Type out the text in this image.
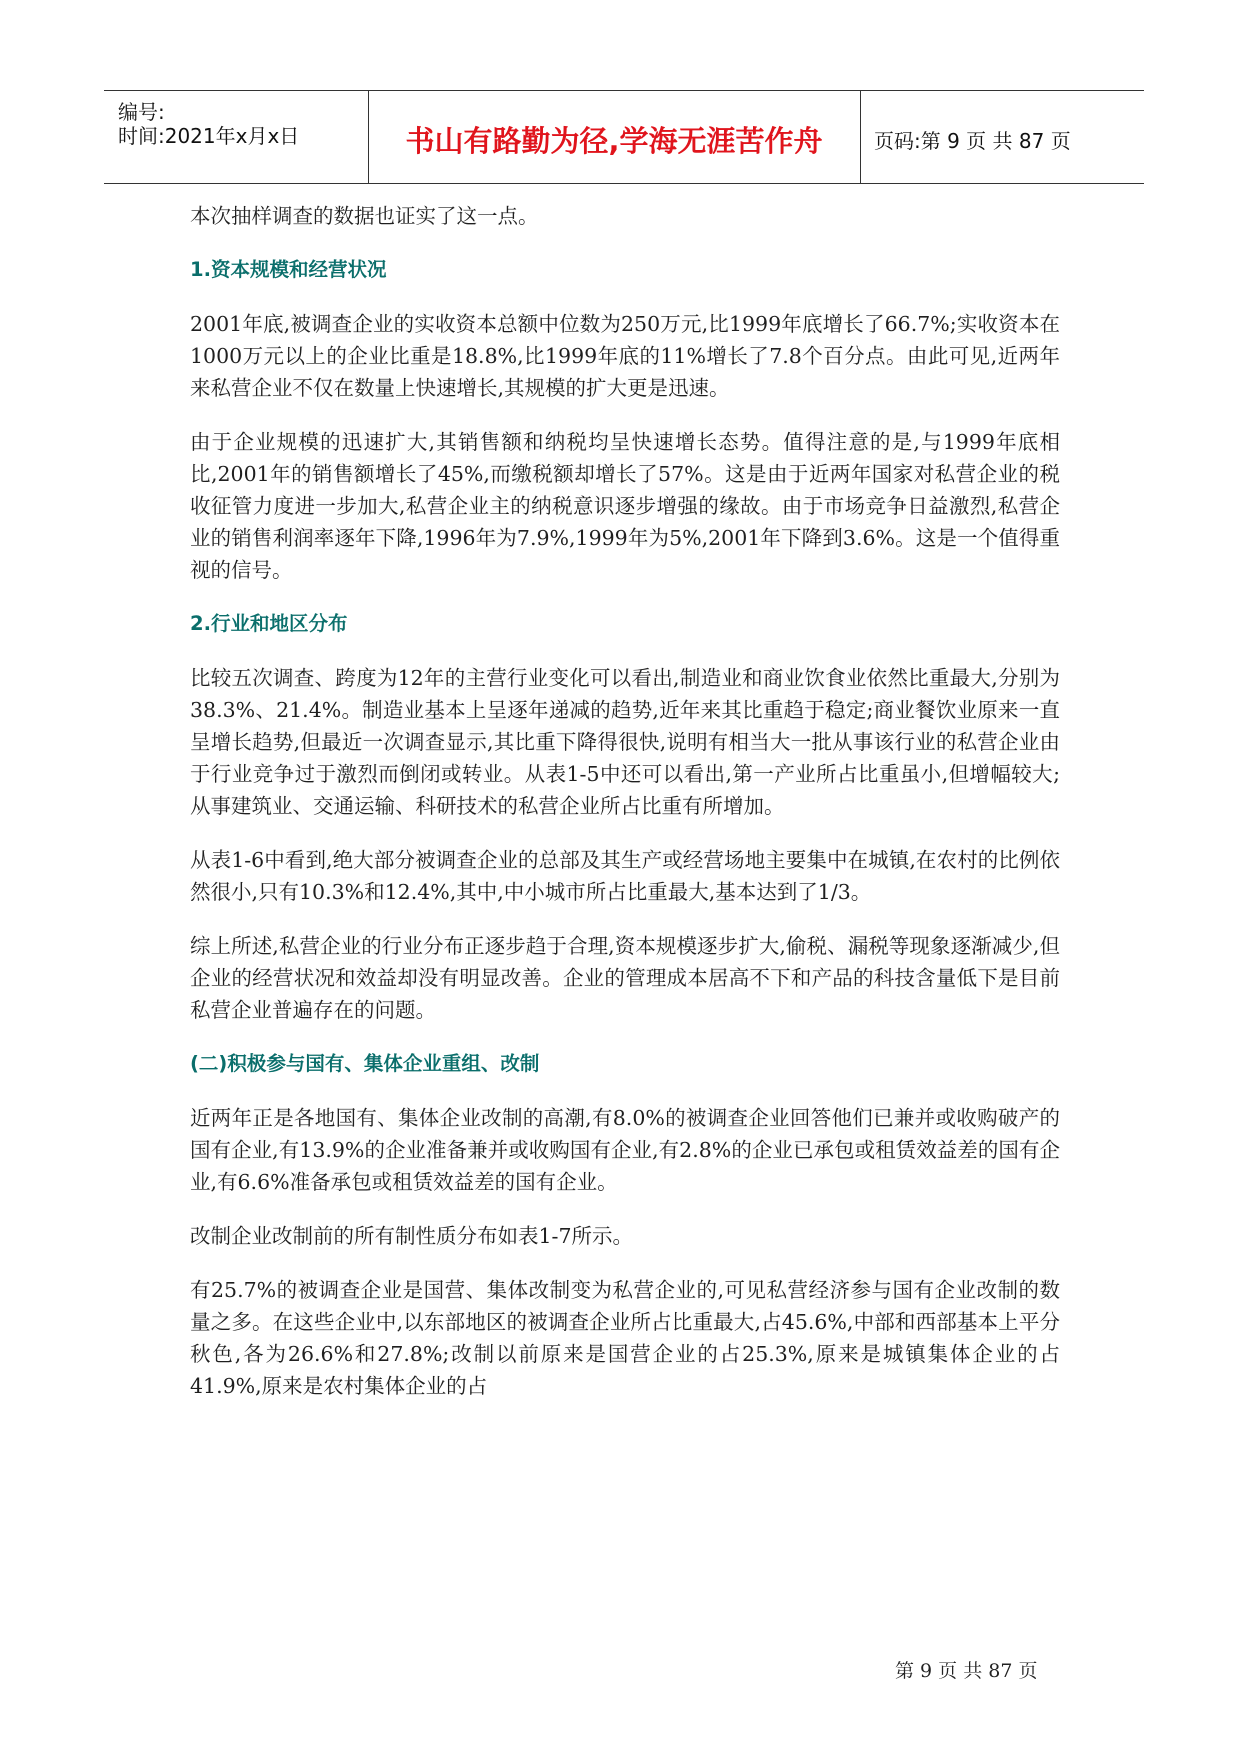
编号:
时间:2021年x月x日	书山有路勤为径,学海无涯苦作舟	页码:第 9 页 共 87 页

本次抽样调查的数据也证实了这一点。

1.资本规模和经营状况

2001年底,被调查企业的实收资本总额中位数为250万元,比1999年底增长了66.7%;实收资本在1000万元以上的企业比重是18.8%,比1999年底的11%增长了7.8个百分点。由此可见,近两年来私营企业不仅在数量上快速增长,其规模的扩大更是迅速。

由于企业规模的迅速扩大,其销售额和纳税均呈快速增长态势。值得注意的是,与1999年底相比,2001年的销售额增长了45%,而缴税额却增长了57%。这是由于近两年国家对私营企业的税收征管力度进一步加大,私营企业主的纳税意识逐步增强的缘故。由于市场竞争日益激烈,私营企业的销售利润率逐年下降,1996年为7.9%,1999年为5%,2001年下降到3.6%。这是一个值得重视的信号。

2.行业和地区分布

比较五次调查、跨度为12年的主营行业变化可以看出,制造业和商业饮食业依然比重最大,分别为38.3%、21.4%。制造业基本上呈逐年递减的趋势,近年来其比重趋于稳定;商业餐饮业原来一直呈增长趋势,但最近一次调查显示,其比重下降得很快,说明有相当大一批从事该行业的私营企业由于行业竞争过于激烈而倒闭或转业。从表1-5中还可以看出,第一产业所占比重虽小,但增幅较大;从事建筑业、交通运输、科研技术的私营企业所占比重有所增加。

从表1-6中看到,绝大部分被调查企业的总部及其生产或经营场地主要集中在城镇,在农村的比例依然很小,只有10.3%和12.4%,其中,中小城市所占比重最大,基本达到了1/3。

综上所述,私营企业的行业分布正逐步趋于合理,资本规模逐步扩大,偷税、漏税等现象逐渐减少,但企业的经营状况和效益却没有明显改善。企业的管理成本居高不下和产品的科技含量低下是目前私营企业普遍存在的问题。

(二)积极参与国有、集体企业重组、改制

近两年正是各地国有、集体企业改制的高潮,有8.0%的被调查企业回答他们已兼并或收购破产的国有企业,有13.9%的企业准备兼并或收购国有企业,有2.8%的企业已承包或租赁效益差的国有企业,有6.6%准备承包或租赁效益差的国有企业。

改制企业改制前的所有制性质分布如表1-7所示。

有25.7%的被调查企业是国营、集体改制变为私营企业的,可见私营经济参与国有企业改制的数量之多。在这些企业中,以东部地区的被调查企业所占比重最大,占45.6%,中部和西部基本上平分秋色,各为26.6%和27.8%;改制以前原来是国营企业的占25.3%,原来是城镇集体企业的占41.9%,原来是农村集体企业的占

第 9 页 共 87 页
